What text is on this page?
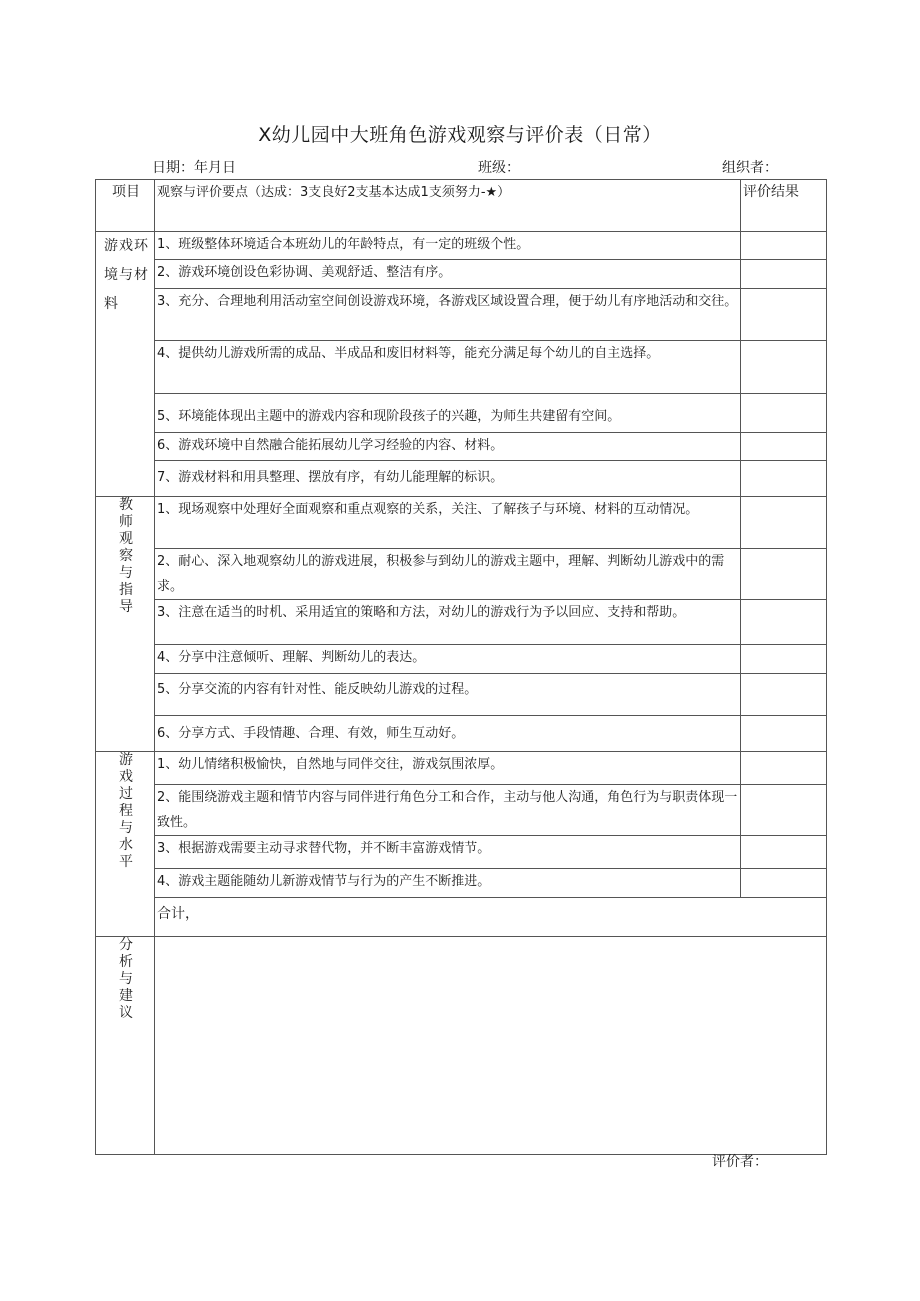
X幼儿园中大班角色游戏观察与评价表（日常）
日期：年月日	班级：	组织者：
项目	观察与评价要点（达成：3支良好2支基本达成1支须努力-★）	评价结果
游戏环境与材料	1、班级整体环境适合本班幼儿的年龄特点，有一定的班级个性。	
	2、游戏环境创设色彩协调、美观舒适、整洁有序。	
	3、充分、合理地利用活动室空间创设游戏环境，各游戏区域设置合理，便于幼儿有序地活动和交往。	
	4、提供幼儿游戏所需的成品、半成品和废旧材料等，能充分满足每个幼儿的自主选择。	
	5、环境能体现出主题中的游戏内容和现阶段孩子的兴趣，为师生共建留有空间。	
	6、游戏环境中自然融合能拓展幼儿学习经验的内容、材料。	
	7、游戏材料和用具整理、摆放有序，有幼儿能理解的标识。	
教师观察与指导	1、现场观察中处理好全面观察和重点观察的关系，关注、了解孩子与环境、材料的互动情况。	
	2、耐心、深入地观察幼儿的游戏进展，积极参与到幼儿的游戏主题中，理解、判断幼儿游戏中的需求。	
	3、注意在适当的时机、采用适宜的策略和方法，对幼儿的游戏行为予以回应、支持和帮助。	
	4、分享中注意倾听、理解、判断幼儿的表达。	
	5、分享交流的内容有针对性、能反映幼儿游戏的过程。	
	6、分享方式、手段情趣、合理、有效，师生互动好。	
游戏过程与水平	1、幼儿情绪积极愉快，自然地与同伴交往，游戏氛围浓厚。	
	2、能围绕游戏主题和情节内容与同伴进行角色分工和合作，主动与他人沟通，角色行为与职责体现一致性。	
	3、根据游戏需要主动寻求替代物，并不断丰富游戏情节。	
	4、游戏主题能随幼儿新游戏情节与行为的产生不断推进。	
	合计，	
分析与建议		
评价者：
